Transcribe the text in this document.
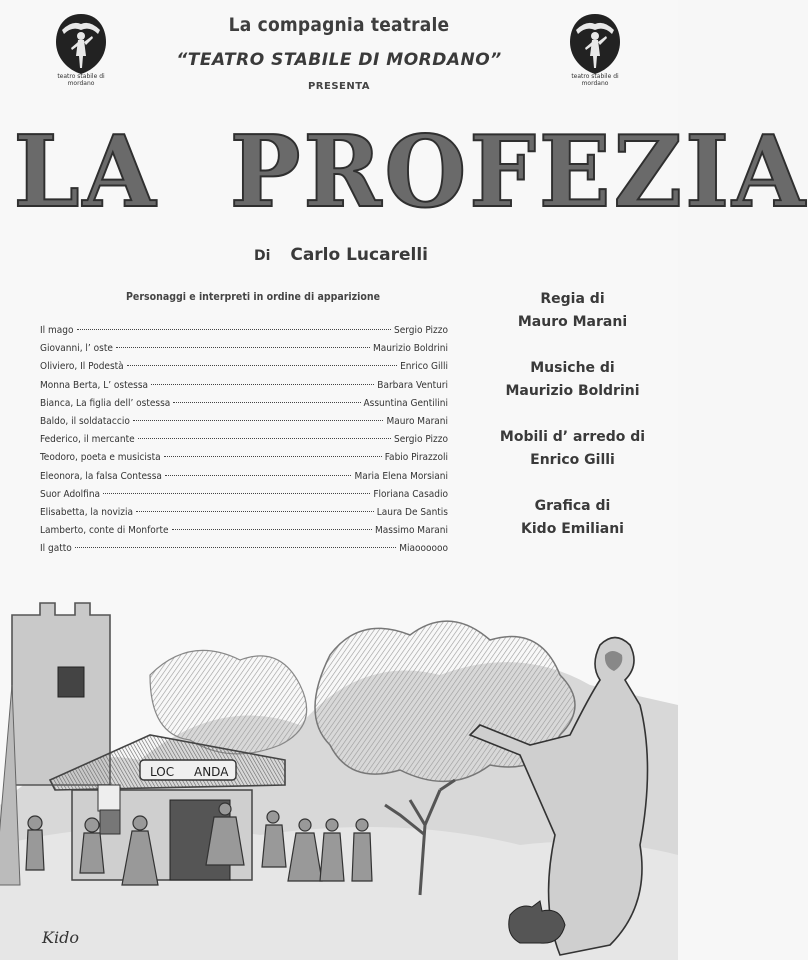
teatro stabile di mordano
teatro stabile di mordano
La compagnia teatrale
“TEATRO STABILE DI MORDANO”
PRESENTA
LA  PROFEZIA
Di Carlo Lucarelli
Personaggi e interpreti in ordine di apparizione
Il mago	Sergio Pizzo
Giovanni, l’ oste	Maurizio Boldrini
Oliviero, Il Podestà	Enrico Gilli
Monna Berta, L’ ostessa	Barbara Venturi
Bianca, La figlia dell’ ostessa	Assuntina Gentilini
Baldo, il soldataccio	Mauro Marani
Federico, il mercante	Sergio Pizzo
Teodoro, poeta e musicista	Fabio Pirazzoli
Eleonora, la falsa Contessa	Maria Elena Morsiani
Suor Adolfina	Floriana Casadio
Elisabetta, la novizia	Laura De Santis
Lamberto, conte di Monforte	Massimo Marani
Il gatto	Miaoooooo
Regia di
Mauro Marani
Musiche di
Maurizio Boldrini
Mobili d’ arredo di
Enrico Gilli
Grafica di
Kido Emiliani
LOC ANDA
Kido
